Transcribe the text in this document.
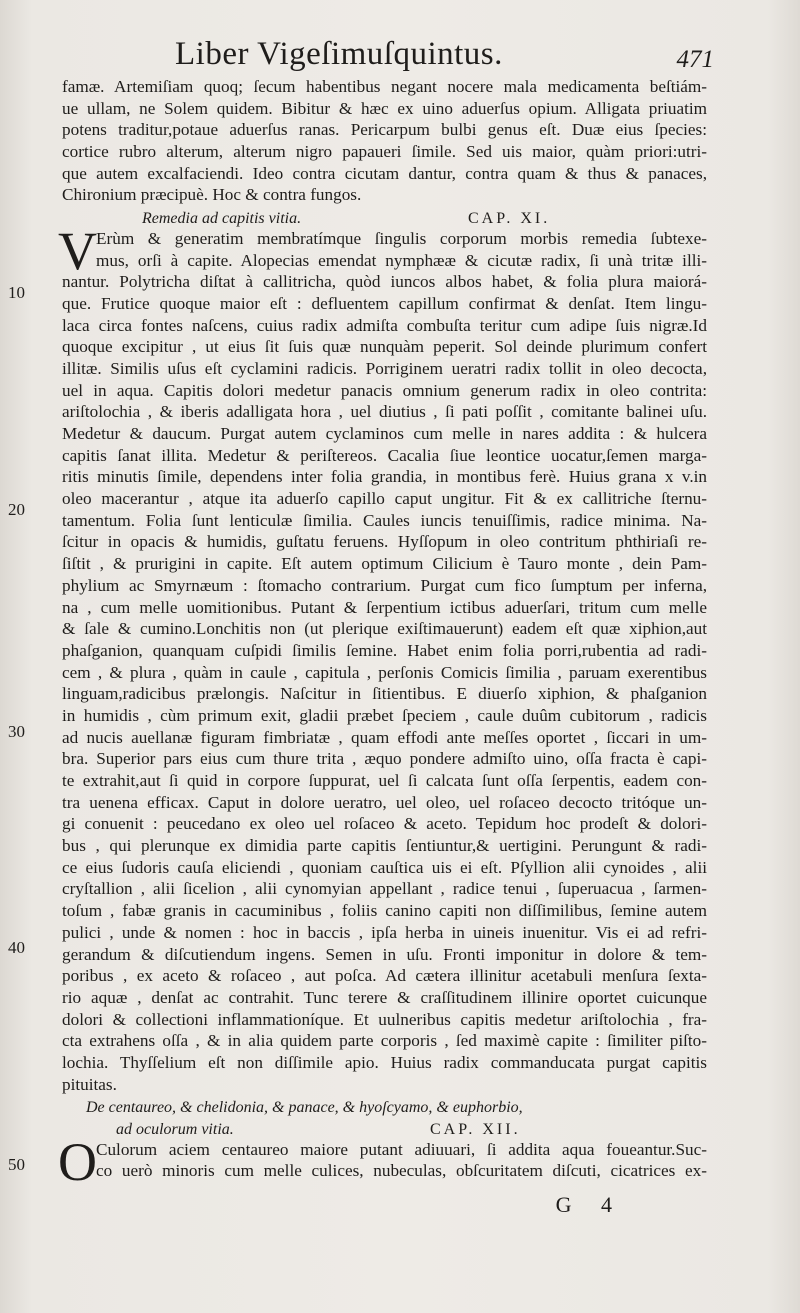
Liber Vigeſimuſquintus.	471
10
20
30
40
50
famæ. Artemiſiam quoq; ſecum habentibus negant nocere mala medicamenta beſtiám-
ue ullam, ne Solem quidem. Bibitur & hæc ex uino aduerſus opium. Alligata priuatim
potens traditur,potaue aduerſus ranas. Pericarpum bulbi genus eſt. Duæ eius ſpecies:
cortice rubro alterum, alterum nigro papaueri ſimile. Sed uis maior, quàm priori:utri-
que autem excalfaciendi. Ideo contra cicutam dantur, contra quam & thus & panaces,
Chironium præcipuè. Hoc & contra fungos.
Remedia ad capitis vitia.	CAP. XI.
V Erùm & generatim membratímque ſingulis corporum morbis remedia ſubtexe-
mus, orſi à capite. Alopecias emendat nymphææ & cicutæ radix, ſi unà tritæ illi-
nantur. Polytricha diſtat à callitricha, quòd iuncos albos habet, & folia plura maiorá-
que. Frutice quoque maior eſt : defluentem capillum confirmat & denſat. Item lingu-
laca circa fontes naſcens, cuius radix admiſta combuſta teritur cum adipe ſuis nigræ.Id
quoque excipitur , ut eius ſit ſuis quæ nunquàm peperit. Sol deinde plurimum confert
illitæ. Similis uſus eſt cyclamini radicis. Porriginem ueratri radix tollit in oleo decocta,
uel in aqua. Capitis dolori medetur panacis omnium generum radix in oleo contrita:
ariſtolochia , & iberis adalligata hora , uel diutius , ſi pati poſſit , comitante balinei uſu.
Medetur & daucum. Purgat autem cyclaminos cum melle in nares addita : & hulcera
capitis ſanat illita. Medetur & periſtereos. Cacalia ſiue leontice uocatur,ſemen marga-
ritis minutis ſimile, dependens inter folia grandia, in montibus ferè. Huius grana x v.in
oleo macerantur , atque ita aduerſo capillo caput ungitur. Fit & ex callitriche ſternu-
tamentum. Folia ſunt lenticulæ ſimilia. Caules iuncis tenuiſſimis, radice minima. Na-
ſcitur in opacis & humidis, guſtatu feruens. Hyſſopum in oleo contritum phthiriaſi re-
ſiſtit , & prurigini in capite. Eſt autem optimum Cilicium è Tauro monte , dein Pam-
phylium ac Smyrnæum : ſtomacho contrarium. Purgat cum fico ſumptum per inferna,
na , cum melle uomitionibus. Putant & ſerpentium ictibus aduerſari, tritum cum melle
& ſale & cumino.Lonchitis non (ut plerique exiſtimauerunt) eadem eſt quæ xiphion,aut
phaſganion, quanquam cuſpidi ſimilis ſemine. Habet enim folia porri,rubentia ad radi-
cem , & plura , quàm in caule , capitula , perſonis Comicis ſimilia , paruam exerentibus
linguam,radicibus prælongis. Naſcitur in ſitientibus. E diuerſo xiphion, & phaſganion
in humidis , cùm primum exit, gladii præbet ſpeciem , caule duûm cubitorum , radicis
ad nucis auellanæ figuram fimbriatæ , quam effodi ante meſſes oportet , ſiccari in um-
bra. Superior pars eius cum thure trita , æquo pondere admiſto uino, oſſa fracta è capi-
te extrahit,aut ſi quid in corpore ſuppurat, uel ſi calcata ſunt oſſa ſerpentis, eadem con-
tra uenena efficax. Caput in dolore ueratro, uel oleo, uel roſaceo decocto tritóque un-
gi conuenit : peucedano ex oleo uel roſaceo & aceto. Tepidum hoc prodeſt & dolori-
bus , qui plerunque ex dimidia parte capitis ſentiuntur,& uertigini. Perungunt & radi-
ce eius ſudoris cauſa eliciendi , quoniam cauſtica uis ei eſt. Pſyllion alii cynoides , alii
cryſtallion , alii ſicelion , alii cynomyian appellant , radice tenui , ſuperuacua , ſarmen-
toſum , fabæ granis in cacuminibus , foliis canino capiti non diſſimilibus, ſemine autem
pulici , unde & nomen : hoc in baccis , ipſa herba in uineis inuenitur. Vis ei ad refri-
gerandum & diſcutiendum ingens. Semen in uſu. Fronti imponitur in dolore & tem-
poribus , ex aceto & roſaceo , aut poſca. Ad cætera illinitur acetabuli menſura ſexta-
rio aquæ , denſat ac contrahit. Tunc terere & craſſitudinem illinire oportet cuicunque
dolori & collectioni inflammationíque. Et uulneribus capitis medetur ariſtolochia , fra-
cta extrahens oſſa , & in alia quidem parte corporis , ſed maximè capite : ſimiliter piſto-
lochia. Thyſſelium eſt non diſſimile apio. Huius radix commanducata purgat capitis
pituitas.
De centaureo, & chelidonia, & panace, & hyoſcyamo, & euphorbio,
ad oculorum vitia.	CAP. XII.
O Culorum aciem centaureo maiore putant adiuuari, ſi addita aqua foueantur.Suc-
co uerò minoris cum melle culices, nubeculas, obſcuritatem diſcuti, cicatrices ex-
G 4
